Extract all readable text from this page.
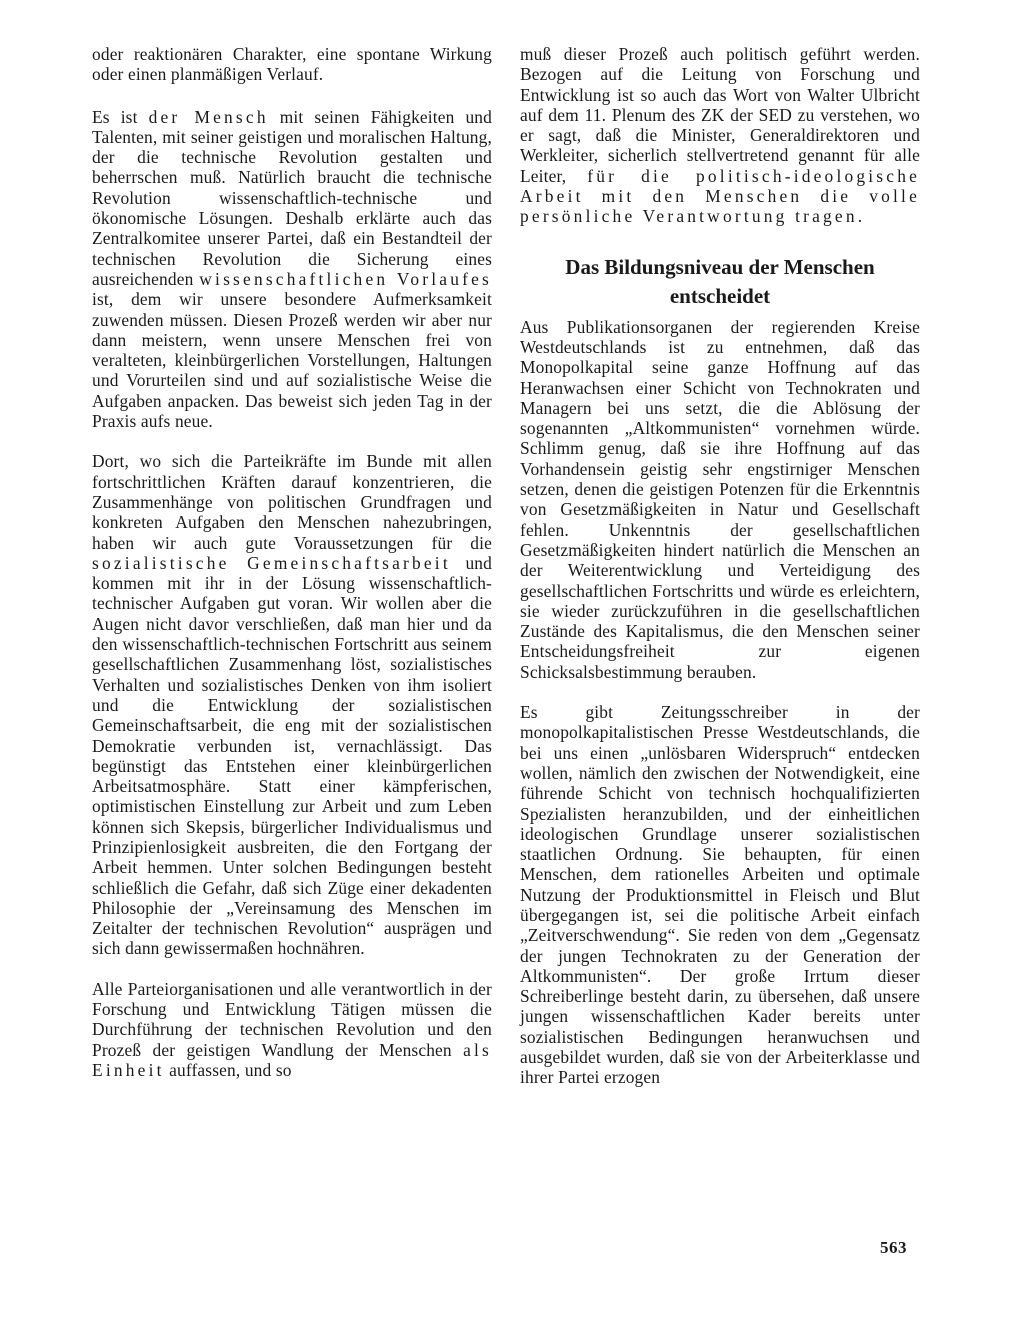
oder reaktionären Charakter, eine spontane Wirkung oder einen planmäßigen Verlauf.

Es ist der Mensch mit seinen Fähigkeiten und Talenten, mit seiner geistigen und moralischen Haltung, der die technische Revolution gestalten und beherrschen muß. Natürlich braucht die technische Revolution wissenschaftlich-technische und ökonomische Lösungen. Deshalb erklärte auch das Zentralkomitee unserer Partei, daß ein Bestandteil der technischen Revolution die Sicherung eines ausreichenden wissenschaftlichen Vorlaufes ist, dem wir unsere besondere Aufmerksamkeit zuwenden müssen. Diesen Prozeß werden wir aber nur dann meistern, wenn unsere Menschen frei von veralteten, kleinbürgerlichen Vorstellungen, Haltungen und Vorurteilen sind und auf sozialistische Weise die Aufgaben anpacken. Das beweist sich jeden Tag in der Praxis aufs neue.

Dort, wo sich die Parteikräfte im Bunde mit allen fortschrittlichen Kräften darauf konzentrieren, die Zusammenhänge von politischen Grundfragen und konkreten Aufgaben den Menschen nahezubringen, haben wir auch gute Voraussetzungen für die sozialistische Gemeinschaftsarbeit und kommen mit ihr in der Lösung wissenschaftlich-technischer Aufgaben gut voran. Wir wollen aber die Augen nicht davor verschließen, daß man hier und da den wissenschaftlich-technischen Fortschritt aus seinem gesellschaftlichen Zusammenhang löst, sozialistisches Verhalten und sozialistisches Denken von ihm isoliert und die Entwicklung der sozialistischen Gemeinschaftsarbeit, die eng mit der sozialistischen Demokratie verbunden ist, vernachlässigt. Das begünstigt das Entstehen einer kleinbürgerlichen Arbeitsatmosphäre. Statt einer kämpferischen, optimistischen Einstellung zur Arbeit und zum Leben können sich Skepsis, bürgerlicher Individualismus und Prinzipienlosigkeit ausbreiten, die den Fortgang der Arbeit hemmen. Unter solchen Bedingungen besteht schließlich die Gefahr, daß sich Züge einer dekadenten Philosophie der „Vereinsamung des Menschen im Zeitalter der technischen Revolution“ ausprägen und sich dann gewissermaßen hochnähren.

Alle Parteiorganisationen und alle verantwortlich in der Forschung und Entwicklung Tätigen müssen die Durchführung der technischen Revolution und den Prozeß der geistigen Wandlung der Menschen als Einheit auffassen, und so

muß dieser Prozeß auch politisch geführt werden. Bezogen auf die Leitung von Forschung und Entwicklung ist so auch das Wort von Walter Ulbricht auf dem 11. Plenum des ZK der SED zu verstehen, wo er sagt, daß die Minister, Generaldirektoren und Werkleiter, sicherlich stellvertretend genannt für alle Leiter, für die politisch-ideologische Arbeit mit den Menschen die volle persönliche Verantwortung tragen.

Das Bildungsniveau der Menschen entscheidet

Aus Publikationsorganen der regierenden Kreise Westdeutschlands ist zu entnehmen, daß das Monopolkapital seine ganze Hoffnung auf das Heranwachsen einer Schicht von Technokraten und Managern bei uns setzt, die die Ablösung der sogenannten „Altkommunisten“ vornehmen würde. Schlimm genug, daß sie ihre Hoffnung auf das Vorhandensein geistig sehr engstirniger Menschen setzen, denen die geistigen Potenzen für die Erkenntnis von Gesetzmäßigkeiten in Natur und Gesellschaft fehlen. Unkenntnis der gesellschaftlichen Gesetzmäßigkeiten hindert natürlich die Menschen an der Weiterentwicklung und Verteidigung des gesellschaftlichen Fortschritts und würde es erleichtern, sie wieder zurückzuführen in die gesellschaftlichen Zustände des Kapitalismus, die den Menschen seiner Entscheidungsfreiheit zur eigenen Schicksalsbestimmung berauben.

Es gibt Zeitungsschreiber in der monopolkapitalistischen Presse Westdeutschlands, die bei uns einen „unlösbaren Widerspruch“ entdecken wollen, nämlich den zwischen der Notwendigkeit, eine führende Schicht von technisch hochqualifizierten Spezialisten heranzubilden, und der einheitlichen ideologischen Grundlage unserer sozialistischen staatlichen Ordnung. Sie behaupten, für einen Menschen, dem rationelles Arbeiten und optimale Nutzung der Produktionsmittel in Fleisch und Blut übergegangen ist, sei die politische Arbeit einfach „Zeitverschwendung“. Sie reden von dem „Gegensatz der jungen Technokraten zu der Generation der Altkommunisten“. Der große Irrtum dieser Schreiberlinge besteht darin, zu übersehen, daß unsere jungen wissenschaftlichen Kader bereits unter sozialistischen Bedingungen heranwuchsen und ausgebildet wurden, daß sie von der Arbeiterklasse und ihrer Partei erzogen

563
